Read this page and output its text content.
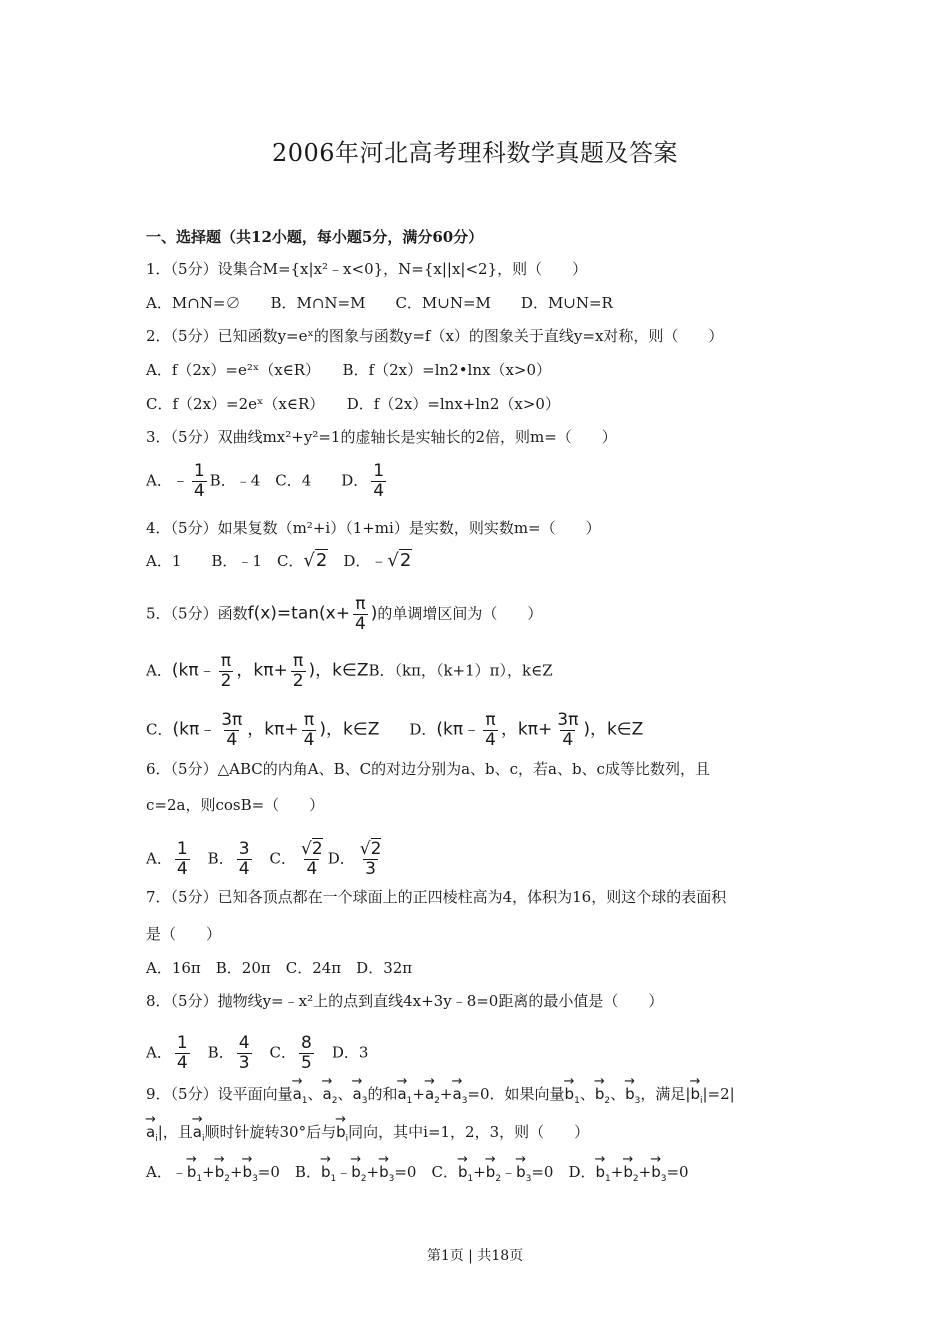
2006年河北高考理科数学真题及答案
一、选择题（共12小题，每小题5分，满分60分）
1．（5分）设集合M={x|x²﹣x<0}，N={x||x|<2}，则（　　）
A．M∩N=∅　　B．M∩N=M　　C．M∪N=M　　D．M∪N=R
2．（5分）已知函数y=eˣ的图象与函数y=f（x）的图象关于直线y=x对称，则（　　）
A．f（2x）=e²ˣ（x∈R）　　B．f（2x）=ln2•lnx（x>0）
C．f（2x）=2eˣ（x∈R）　　D．f（2x）=lnx+ln2（x>0）
3．（5分）双曲线mx²+y²=1的虚轴长是实轴长的2倍，则m=（　　）
A．﹣ $\frac{1}{4}$ B．﹣4　C．4　　D． $\frac{1}{4}$
4．（5分）如果复数（m²+i）（1+mi）是实数，则实数m=（　　）
A．1　　B．﹣1　C．√2　D．﹣√2
5．（5分）函数$f(x)=\tan(x+ \frac{\pi}{4}$ )的单调增区间为（　　）
A．(kπ﹣ $\frac{\pi}{2}$ ，$k\pi+ \frac{\pi}{2}$ )，k∈ZB．（kπ，（k+1）π），k∈Z
C．(kπ﹣ $\frac{3\pi}{4}$ ，$k\pi+ \frac{\pi}{4}$ )，k∈Z　　D．(kπ﹣ $\frac{\pi}{4}$ ，$k\pi+ \frac{3\pi}{4}$ )，k∈Z
6．（5分）△ABC的内角A、B、C的对边分别为a、b、c，若a、b、c成等比数列，且
c=2a，则cosB=（　　）
A． $\frac{1}{4}$ 　B． $\frac{3}{4}$ 　C． $\frac{√2}{4}$ D． $\frac{√2}{3}$
7．（5分）已知各顶点都在一个球面上的正四棱柱高为4，体积为16，则这个球的表面积
是（　　）
A．16π　B．20π　C．24π　D．32π
8．（5分）抛物线y=﹣x²上的点到直线4x+3y﹣8=0距离的最小值是（　　）
A． $\frac{1}{4}$ 　B． $\frac{4}{3}$ 　C． $\frac{8}{5}$ 　D．3
9．（5分）设平面向量→ $a_1$、→ $a_2$、→ $a_3$的和→ $a_1+\to a_2+\to a_3=0$．如果向量→ $b_1$、→ $b_2$、→ $b_3$，满足|→ $b_i|=2|$
→ $a_i|$，且→ $a_i$顺时针旋转30°后与→ $b_i$同向，其中i=1，2，3，则（　　）
A．﹣→ $b_1+\to b_2+\to b_3=0$　B．→ $b_1﹣\to b_2+\to b_3=0$　C．→ $b_1+\to$ $b_2﹣\to b_3=0$　D．→ $b_1+\to b_2+\to b_3=0$
第1页 | 共18页
